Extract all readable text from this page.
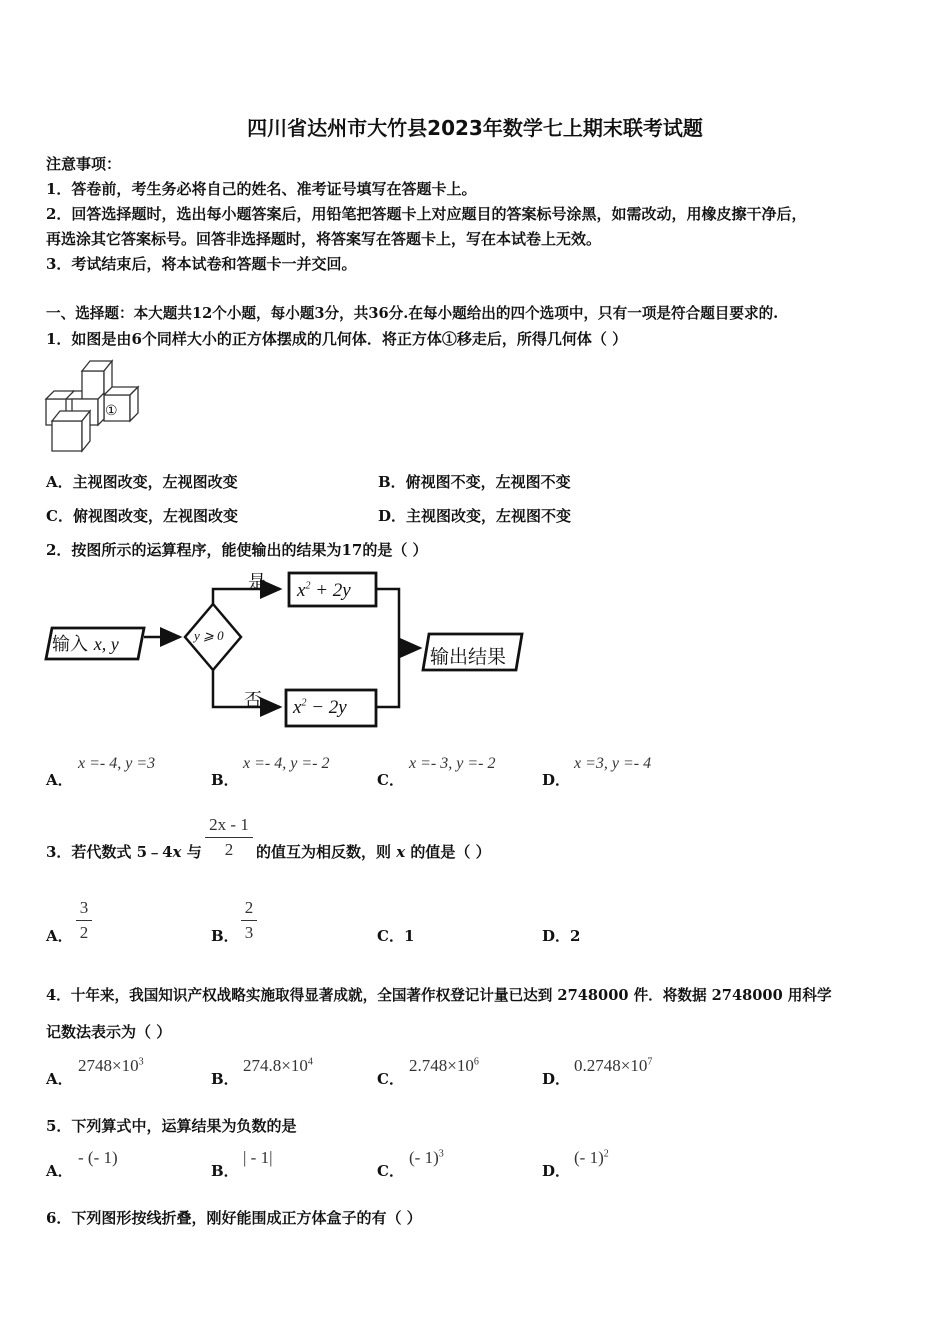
四川省达州市大竹县2023年数学七上期末联考试题
注意事项：
1．答卷前，考生务必将自己的姓名、准考证号填写在答题卡上。
2．回答选择题时，选出每小题答案后，用铅笔把答题卡上对应题目的答案标号涂黑，如需改动，用橡皮擦干净后，
再选涂其它答案标号。回答非选择题时，将答案写在答题卡上，写在本试卷上无效。
3．考试结束后，将本试卷和答题卡一并交回。
一、选择题：本大题共12个小题，每小题3分，共36分.在每小题给出的四个选项中，只有一项是符合题目要求的.
1．如图是由6个同样大小的正方体摆成的几何体．将正方体①移走后，所得几何体（ ）
①
A．主视图改变，左视图改变	B．俯视图不变，左视图不变
C．俯视图改变，左视图改变	D．主视图改变，左视图不变
2．按图所示的运算程序，能使输出的结果为17的是（ ）
输入 x, y	y ⩾ 0
是
否
$x^2 + 2y$
$x^2 - 2y$
输出结果
A．
x =- 4, y =3
B．
x =- 4, y =- 2
C．
x =- 3, y =- 2
D．
x =3, y =- 4
3．若代数式 5﹣4x 与
2x - 1
2	的值互为相反数，则 x 的值是（ ）
A．
3
2	B．
2
3	C．1	D．2
4．十年来，我国知识产权战略实施取得显著成就，全国著作权登记计量已达到 2748000 件．将数据 2748000 用科学
记数法表示为（ ）
A．
$2748\times 10^3$
B．
$274.8\times 10^4$
C．
$2.748\times 10^6$
D．
$0.2748\times 10^7$
5．下列算式中，运算结果为负数的是
A．
- (- 1)
B．
| - 1|
C．
(- 1)$^3$
D．
(- 1)$^2$
6．下列图形按线折叠，刚好能围成正方体盒子的有（ ）
